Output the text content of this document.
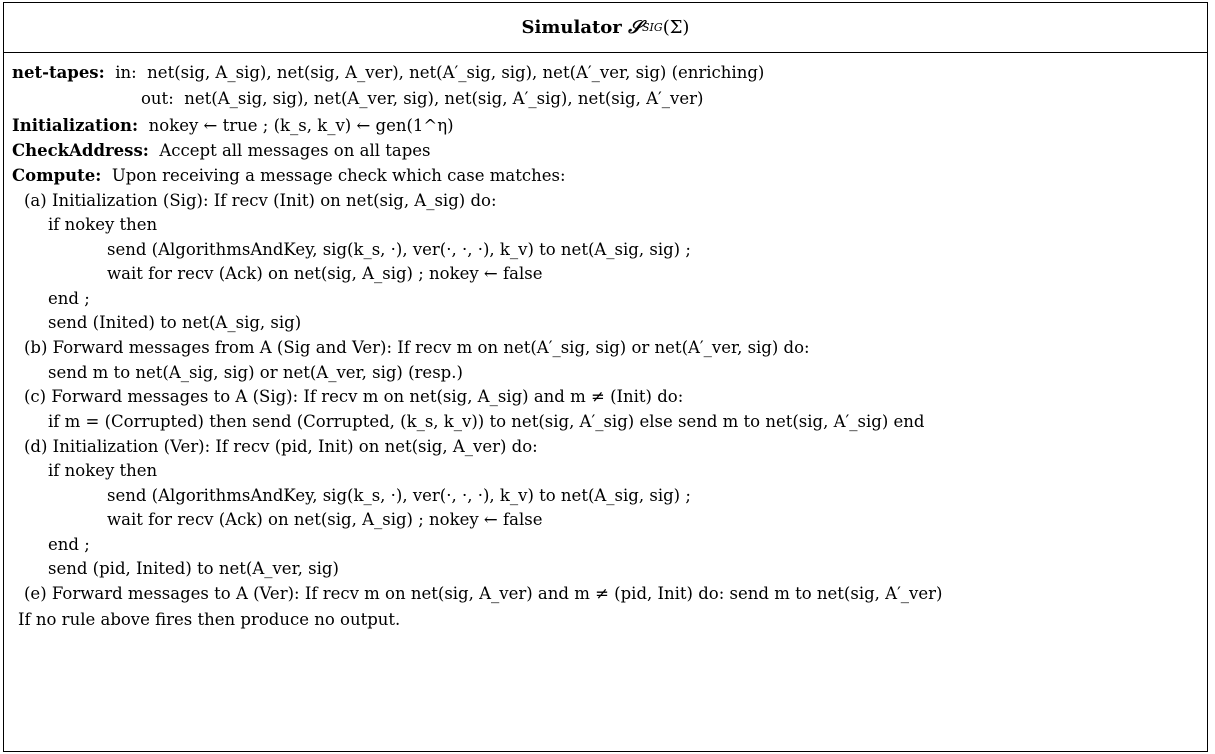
Simulator
𝒮 SIG (Σ)
net-tapes: in: net(sig, A_sig), net(sig, A_ver), net(A′_sig, sig), net(A′_ver, sig) (enriching)
out: net(A_sig, sig), net(A_ver, sig), net(sig, A′_sig), net(sig, A′_ver)
Initialization: nokey ← true ; (k_s, k_v) ← gen(1^η)
CheckAddress: Accept all messages on all tapes
Compute: Upon receiving a message check which case matches:
(a) Initialization (Sig): If recv (Init) on net(sig, A_sig) do:
if nokey then
send (AlgorithmsAndKey, sig(k_s, ·), ver(·, ·, ·), k_v) to net(A_sig, sig) ;
wait for recv (Ack) on net(sig, A_sig) ; nokey ← false
end ;
send (Inited) to net(A_sig, sig)
(b) Forward messages from A (Sig and Ver): If recv m on net(A′_sig, sig) or net(A′_ver, sig) do:
send m to net(A_sig, sig) or net(A_ver, sig) (resp.)
(c) Forward messages to A (Sig): If recv m on net(sig, A_sig) and m ≠ (Init) do:
if m = (Corrupted) then send (Corrupted, (k_s, k_v)) to net(sig, A′_sig) else send m to net(sig, A′_sig) end
(d) Initialization (Ver): If recv (pid, Init) on net(sig, A_ver) do:
if nokey then
send (AlgorithmsAndKey, sig(k_s, ·), ver(·, ·, ·), k_v) to net(A_sig, sig) ;
wait for recv (Ack) on net(sig, A_sig) ; nokey ← false
end ;
send (pid, Inited) to net(A_ver, sig)
(e) Forward messages to A (Ver): If recv m on net(sig, A_ver) and m ≠ (pid, Init) do: send m to net(sig, A′_ver)
If no rule above fires then produce no output.
